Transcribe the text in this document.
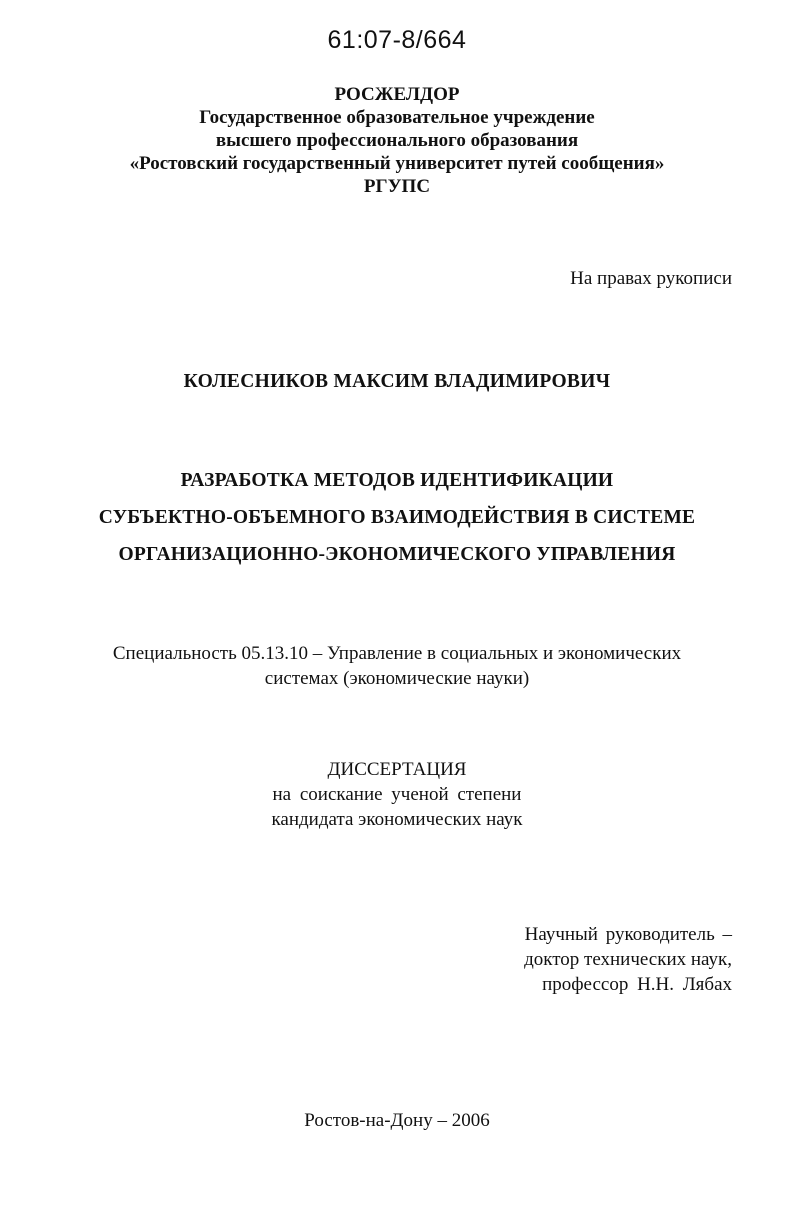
61:07-8/664
РОСЖЕЛДОР
Государственное образовательное учреждение
высшего профессионального образования
«Ростовский государственный университет путей сообщения»
РГУПС
На правах рукописи
КОЛЕСНИКОВ МАКСИМ ВЛАДИМИРОВИЧ
РАЗРАБОТКА МЕТОДОВ ИДЕНТИФИКАЦИИ
СУБЪЕКТНО-ОБЪЕМНОГО ВЗАИМОДЕЙСТВИЯ В СИСТЕМЕ
ОРГАНИЗАЦИОННО-ЭКОНОМИЧЕСКОГО УПРАВЛЕНИЯ
Специальность 05.13.10 – Управление в социальных и экономических
системах (экономические науки)
ДИССЕРТАЦИЯ
на соискание ученой степени
кандидата экономических наук
Научный руководитель –
доктор технических наук,
профессор Н.Н. Лябах
Ростов-на-Дону – 2006
